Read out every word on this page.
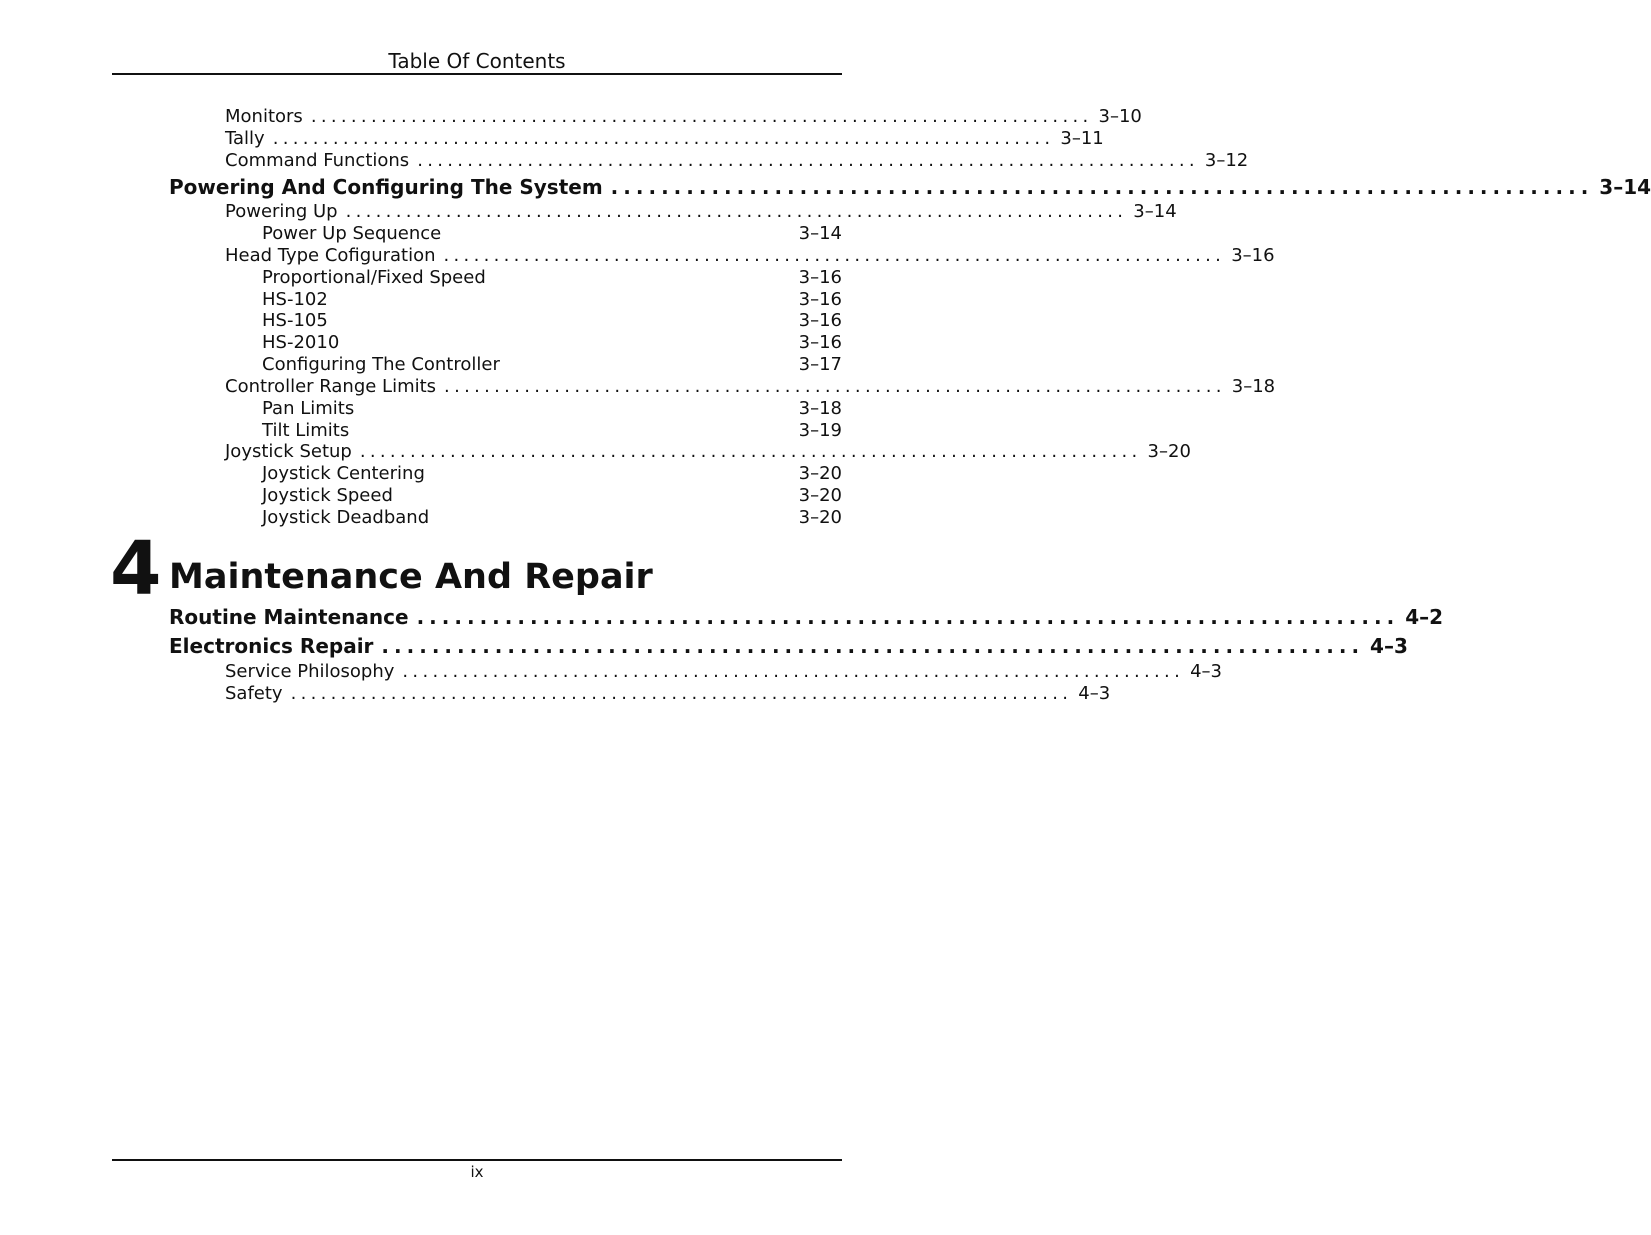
Table Of Contents
Monitors .............................................................................. 3–10
Tally .............................................................................. 3–11
Command Functions .............................................................................. 3–12
Powering And Configuring The System .............................................................................. 3–14
Powering Up .............................................................................. 3–14
Power Up Sequence	3–14
Head Type Cofiguration .............................................................................. 3–16
Proportional/Fixed Speed	3–16
HS-102	3–16
HS-105	3–16
HS-2010	3–16
Configuring The Controller	3–17
Controller Range Limits .............................................................................. 3–18
Pan Limits	3–18
Tilt Limits	3–19
Joystick Setup .............................................................................. 3–20
Joystick Centering	3–20
Joystick Speed	3–20
Joystick Deadband	3–20
4 Maintenance And Repair
Routine Maintenance .............................................................................. 4–2
Electronics Repair .............................................................................. 4–3
Service Philosophy .............................................................................. 4–3
Safety .............................................................................. 4–3
ix
